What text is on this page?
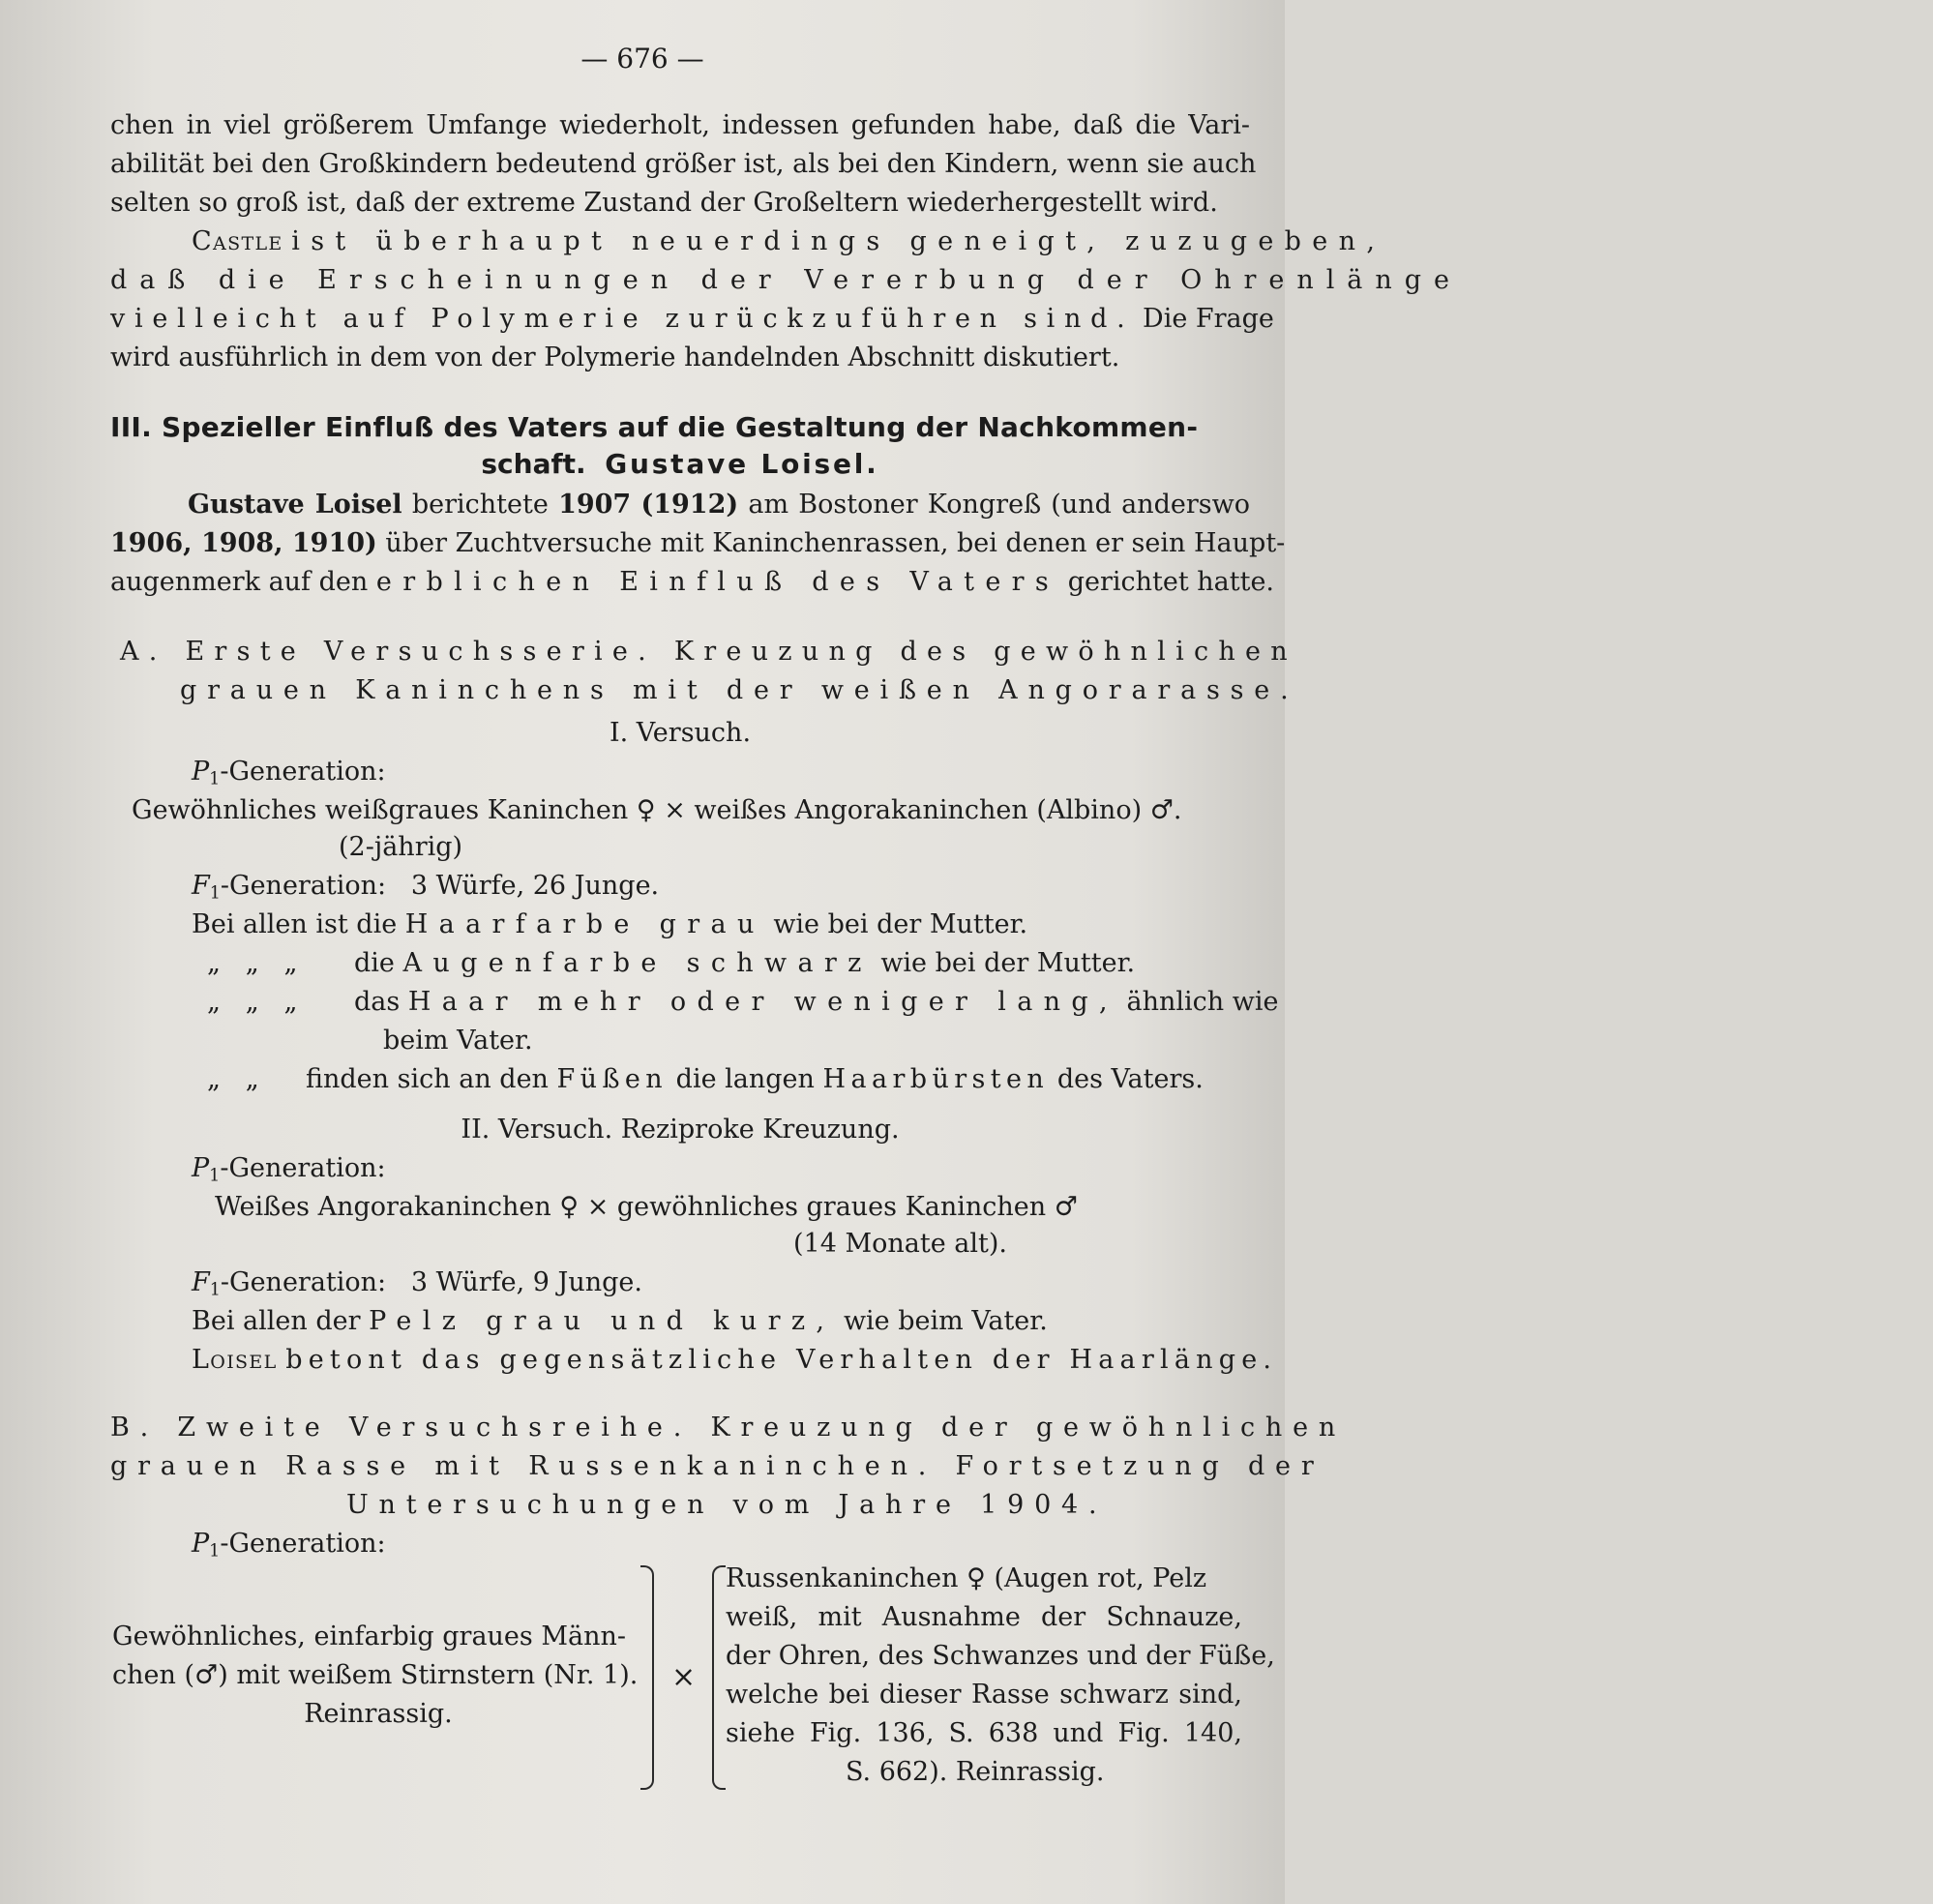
— 676 —
chen in viel größerem Umfange wiederholt, indessen gefunden habe, daß die Vari-
abilität bei den Großkindern bedeutend größer ist, als bei den Kindern, wenn sie auch
selten so groß ist, daß der extreme Zustand der Großeltern wiederhergestellt wird.
Castle ist überhaupt neuerdings geneigt, zuzugeben,
daß die Erscheinungen der Vererbung der Ohrenlänge
vielleicht auf Polymerie zurückzuführen sind. Die Frage
wird ausführlich in dem von der Polymerie handelnden Abschnitt diskutiert.
III. Spezieller Einfluß des Vaters auf die Gestaltung der Nachkommen-
schaft. Gustave Loisel.
Gustave Loisel berichtete 1907 (1912) am Bostoner Kongreß (und anderswo
1906, 1908, 1910) über Zuchtversuche mit Kaninchenrassen, bei denen er sein Haupt-
augenmerk auf den erblichen Einfluß des Vaters gerichtet hatte.
A. Erste Versuchsserie. Kreuzung des gewöhnlichen
grauen Kaninchens mit der weißen Angorarasse.
I. Versuch.
$P_1$-Generation:
Gewöhnliches weißgraues Kaninchen ♀ × weißes Angorakaninchen (Albino) ♂.
(2-jährig)
$F_1$-Generation:   3 Würfe, 26 Junge.
Bei allen ist die Haarfarbe grau wie bei der Mutter.
„   „   „ die Augenfarbe schwarz wie bei der Mutter.
„   „   „ das Haar mehr oder weniger lang, ähnlich wie
beim Vater.
„   „ finden sich an den Füßen die langen Haarbürsten des Vaters.
II. Versuch. Reziproke Kreuzung.
$P_1$-Generation:
Weißes Angorakaninchen ♀ × gewöhnliches graues Kaninchen ♂
(14 Monate alt).
$F_1$-Generation:   3 Würfe, 9 Junge.
Bei allen der Pelz grau und kurz, wie beim Vater.
Loisel betont das gegensätzliche Verhalten der Haarlänge.
B. Zweite Versuchsreihe. Kreuzung der gewöhnlichen
grauen Rasse mit Russenkaninchen. Fortsetzung der
Untersuchungen vom Jahre 1904.
$P_1$-Generation:
Gewöhnliches, einfarbig graues Männ-
chen (♂) mit weißem Stirnstern (Nr. 1).
Reinrassig.
×
Russenkaninchen ♀ (Augen rot, Pelz
weiß, mit Ausnahme der Schnauze,
der Ohren, des Schwanzes und der Füße,
welche bei dieser Rasse schwarz sind,
siehe Fig. 136, S. 638 und Fig. 140,
S. 662). Reinrassig.
